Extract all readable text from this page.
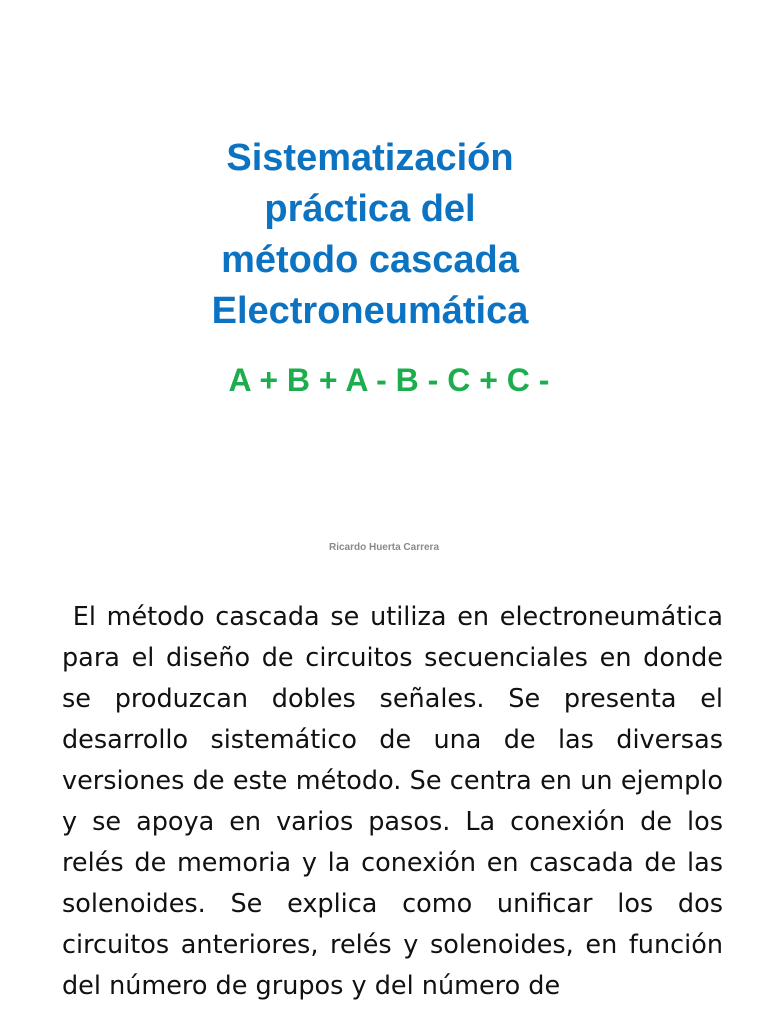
Sistematización
práctica del
método cascada
Electroneumática
A + B + A - B - C + C -
Ricardo Huerta Carrera

El método cascada se utiliza en electroneumática para el diseño de circuitos secuenciales en donde se produzcan dobles señales. Se presenta el desarrollo sistemático de una de las diversas versiones de este método. Se centra en un ejemplo y se apoya en varios pasos. La conexión de los relés de memoria y la conexión en cascada de las solenoides. Se explica como unificar los dos circuitos anteriores, relés y solenoides, en función del número de grupos y del número de
